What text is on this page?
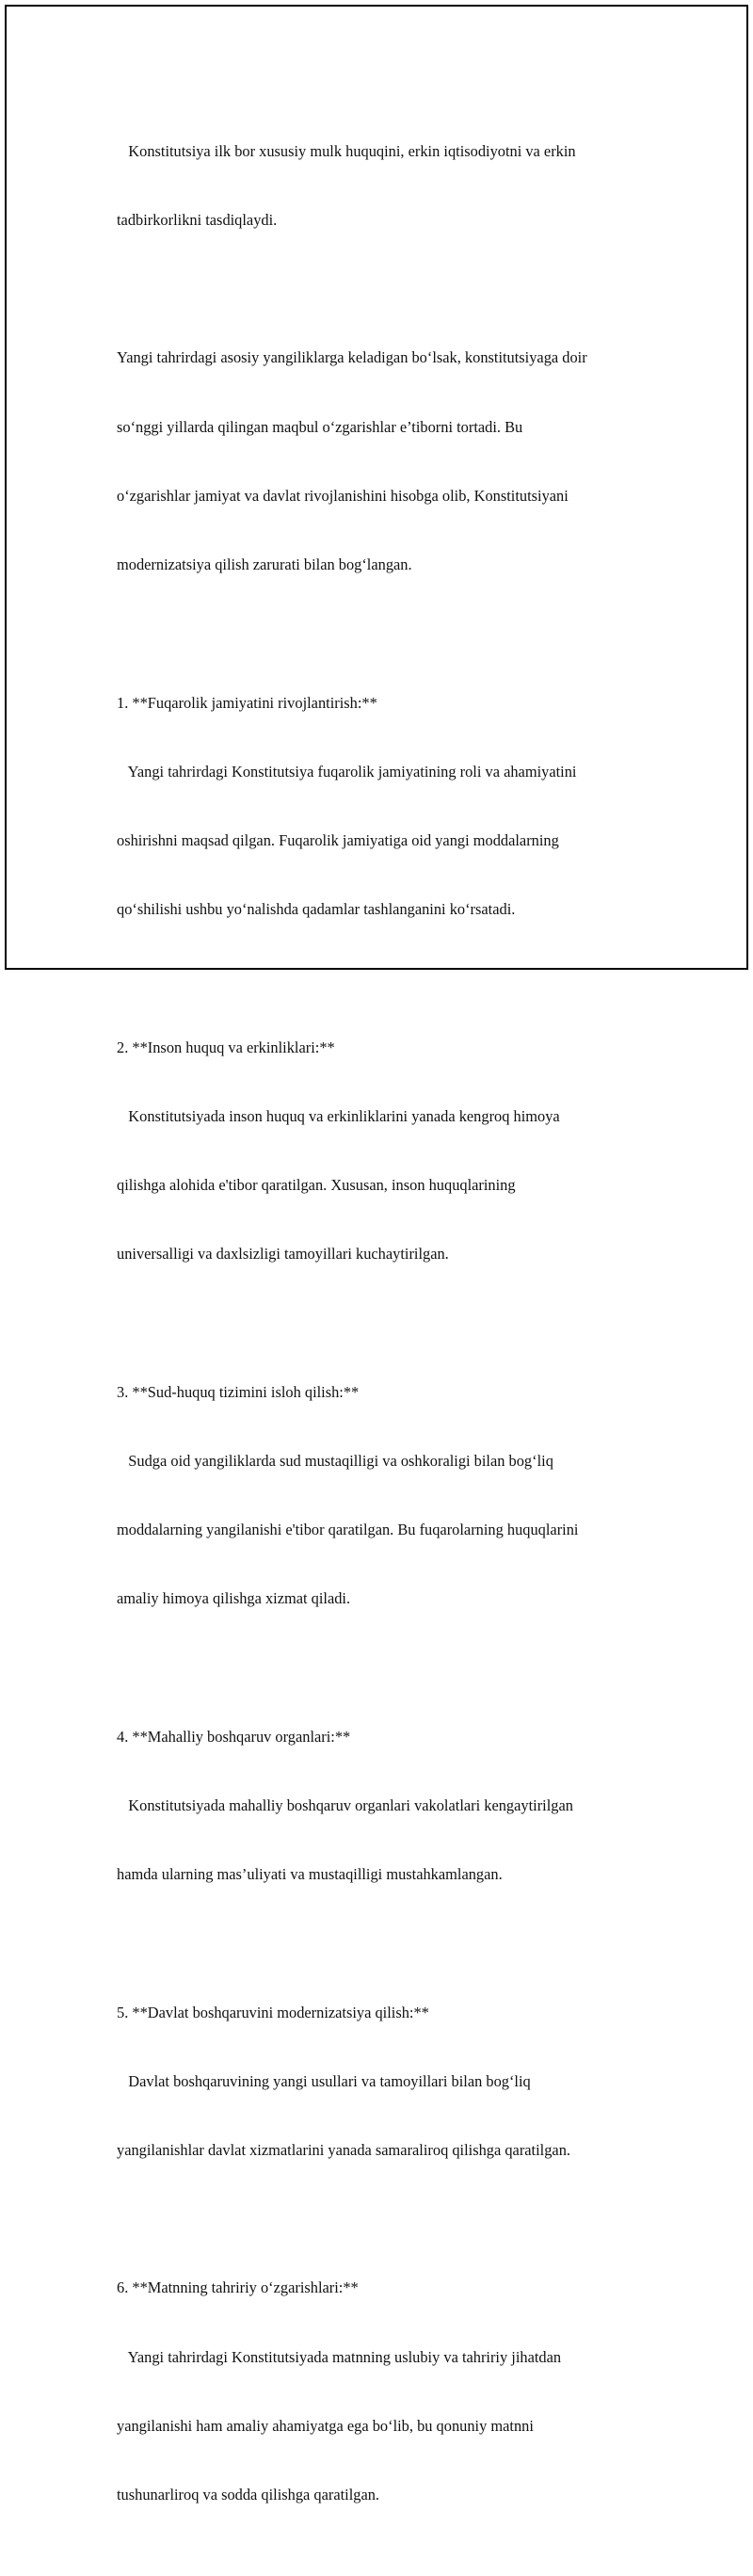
Konstitutsiya ilk bor xususiy mulk huquqini, erkin iqtisodiyotni va erkin

tadbirkorlikni tasdiqlaydi.

Yangi tahrirdagi asosiy yangiliklarga keladigan bo‘lsak, konstitutsiyaga doir

so‘nggi yillarda qilingan maqbul o‘zgarishlar e’tiborni tortadi. Bu

o‘zgarishlar jamiyat va davlat rivojlanishini hisobga olib, Konstitutsiyani

modernizatsiya qilish zarurati bilan bog‘langan.

1. **Fuqarolik jamiyatini rivojlantirish:**

Yangi tahrirdagi Konstitutsiya fuqarolik jamiyatining roli va ahamiyatini

oshirishni maqsad qilgan. Fuqarolik jamiyatiga oid yangi moddalarning

qo‘shilishi ushbu yo‘nalishda qadamlar tashlanganini ko‘rsatadi.

2. **Inson huquq va erkinliklari:**

Konstitutsiyada inson huquq va erkinliklarini yanada kengroq himoya

qilishga alohida e'tibor qaratilgan. Xususan, inson huquqlarining

universalligi va daxlsizligi tamoyillari kuchaytirilgan.

3. **Sud-huquq tizimini isloh qilish:**

Sudga oid yangiliklarda sud mustaqilligi va oshkoraligi bilan bog‘liq

moddalarning yangilanishi e'tibor qaratilgan. Bu fuqarolarning huquqlarini

amaliy himoya qilishga xizmat qiladi.

4. **Mahalliy boshqaruv organlari:**

Konstitutsiyada mahalliy boshqaruv organlari vakolatlari kengaytirilgan

hamda ularning mas’uliyati va mustaqilligi mustahkamlangan.

5. **Davlat boshqaruvini modernizatsiya qilish:**

Davlat boshqaruvining yangi usullari va tamoyillari bilan bog‘liq

yangilanishlar davlat xizmatlarini yanada samaraliroq qilishga qaratilgan.

6. **Matnning tahririy o‘zgarishlari:**

Yangi tahrirdagi Konstitutsiyada matnning uslubiy va tahririy jihatdan

yangilanishi ham amaliy ahamiyatga ega bo‘lib, bu qonuniy matnni

tushunarliroq va sodda qilishga qaratilgan.
